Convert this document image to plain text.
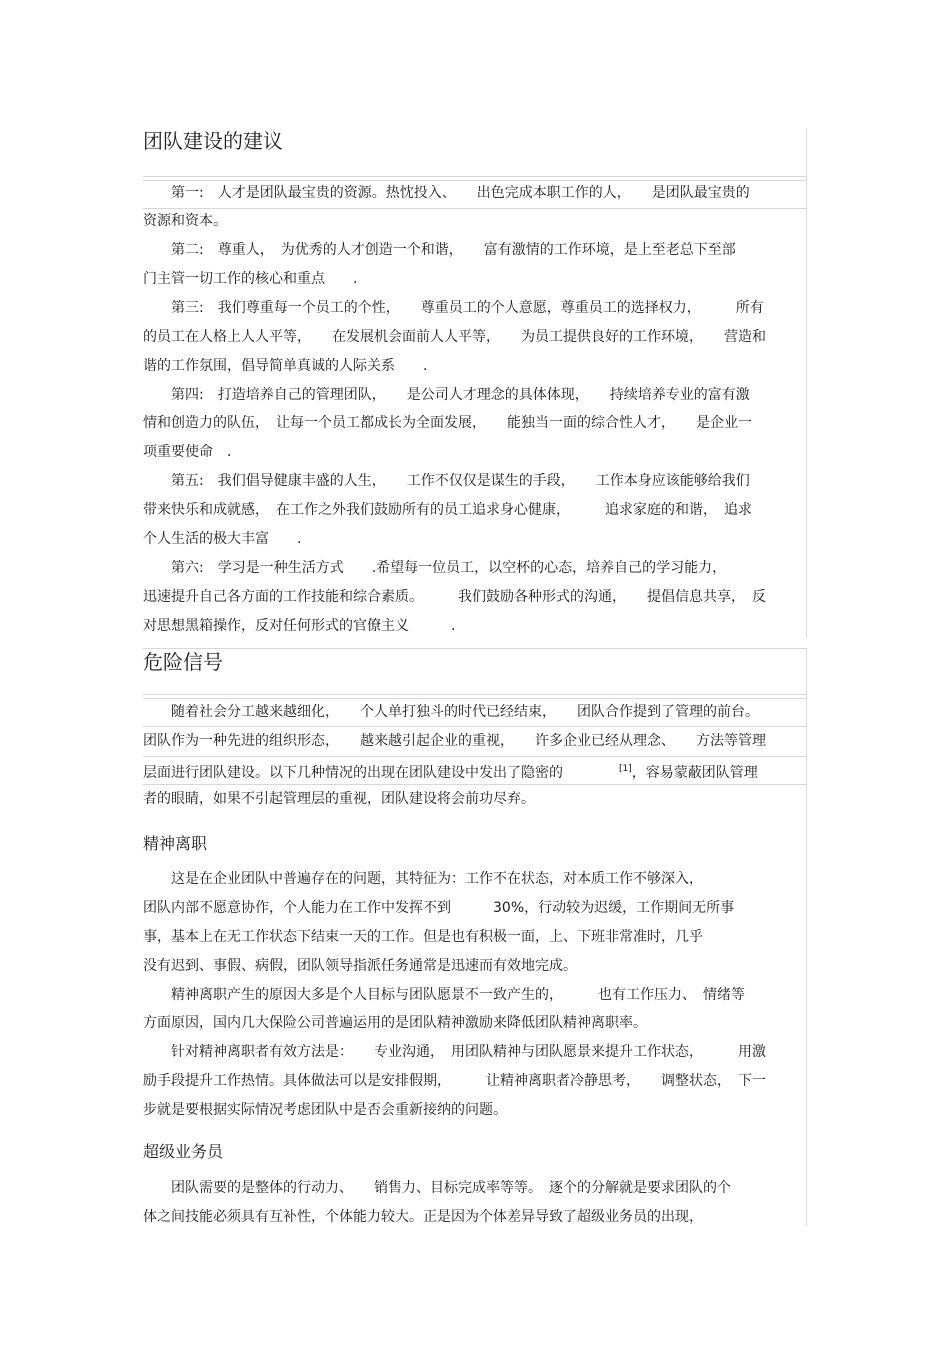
团队建设的建议
　　第一:　人才是团队最宝贵的资源。热忱投入、　　出色完成本职工作的人，　　是团队最宝贵的
资源和资本。
　　第二:　尊重人，　为优秀的人才创造一个和谐，　　富有激情的工作环境，是上至老总下至部
门主管一切工作的核心和重点　　.
　　第三:　我们尊重每一个员工的个性，　　尊重员工的个人意愿，尊重员工的选择权力，　　　所有
的员工在人格上人人平等，　　在发展机会面前人人平等，　　为员工提供良好的工作环境，　　营造和
谐的工作氛围，倡导简单真诚的人际关系　　.
　　第四:　打造培养自己的管理团队，　　是公司人才理念的具体体现，　　持续培养专业的富有激
情和创造力的队伍，　让每一个员工都成长为全面发展，　　能独当一面的综合性人才，　　是企业一
项重要使命　.
　　第五:　我们倡导健康丰盛的人生，　　工作不仅仅是谋生的手段，　　工作本身应该能够给我们
带来快乐和成就感，　在工作之外我们鼓励所有的员工追求身心健康，　　　追求家庭的和谐，　追求
个人生活的极大丰富　　.
　　第六:　学习是一种生活方式　　.希望每一位员工，以空杯的心态，培养自己的学习能力，
迅速提升自己各方面的工作技能和综合素质。　　　我们鼓励各种形式的沟通，　　提倡信息共享，　反
对思想黑箱操作，反对任何形式的官僚主义　　　.
危险信号
　　随着社会分工越来越细化，　　个人单打独斗的时代已经结束，　　团队合作提到了管理的前台。
团队作为一种先进的组织形态，　　越来越引起企业的重视，　　许多企业已经从理念、　　方法等管理
层面进行团队建设。以下几种情况的出现在团队建设中发出了隐密的　　　　[1]，容易蒙蔽团队管理
者的眼睛，如果不引起管理层的重视，团队建设将会前功尽弃。
精神离职
　　这是在企业团队中普遍存在的问题，其特征为：工作不在状态，对本质工作不够深入，
团队内部不愿意协作，个人能力在工作中发挥不到　　　30%，行动较为迟缓，工作期间无所事
事，基本上在无工作状态下结束一天的工作。但是也有积极一面，上、下班非常准时，几乎
没有迟到、事假、病假，团队领导指派任务通常是迅速而有效地完成。
　　精神离职产生的原因大多是个人目标与团队愿景不一致产生的，　　　也有工作压力、　情绪等
方面原因，国内几大保险公司普遍运用的是团队精神激励来降低团队精神离职率。
　　针对精神离职者有效方法是：　　专业沟通，　用团队精神与团队愿景来提升工作状态，　　　用激
励手段提升工作热情。具体做法可以是安排假期，　　　让精神离职者冷静思考，　　调整状态，　下一
步就是要根据实际情况考虑团队中是否会重新接纳的问题。
超级业务员
　　团队需要的是整体的行动力、　　销售力、目标完成率等等。　逐个的分解就是要求团队的个
体之间技能必须具有互补性，个体能力较大。正是因为个体差异导致了超级业务员的出现，
